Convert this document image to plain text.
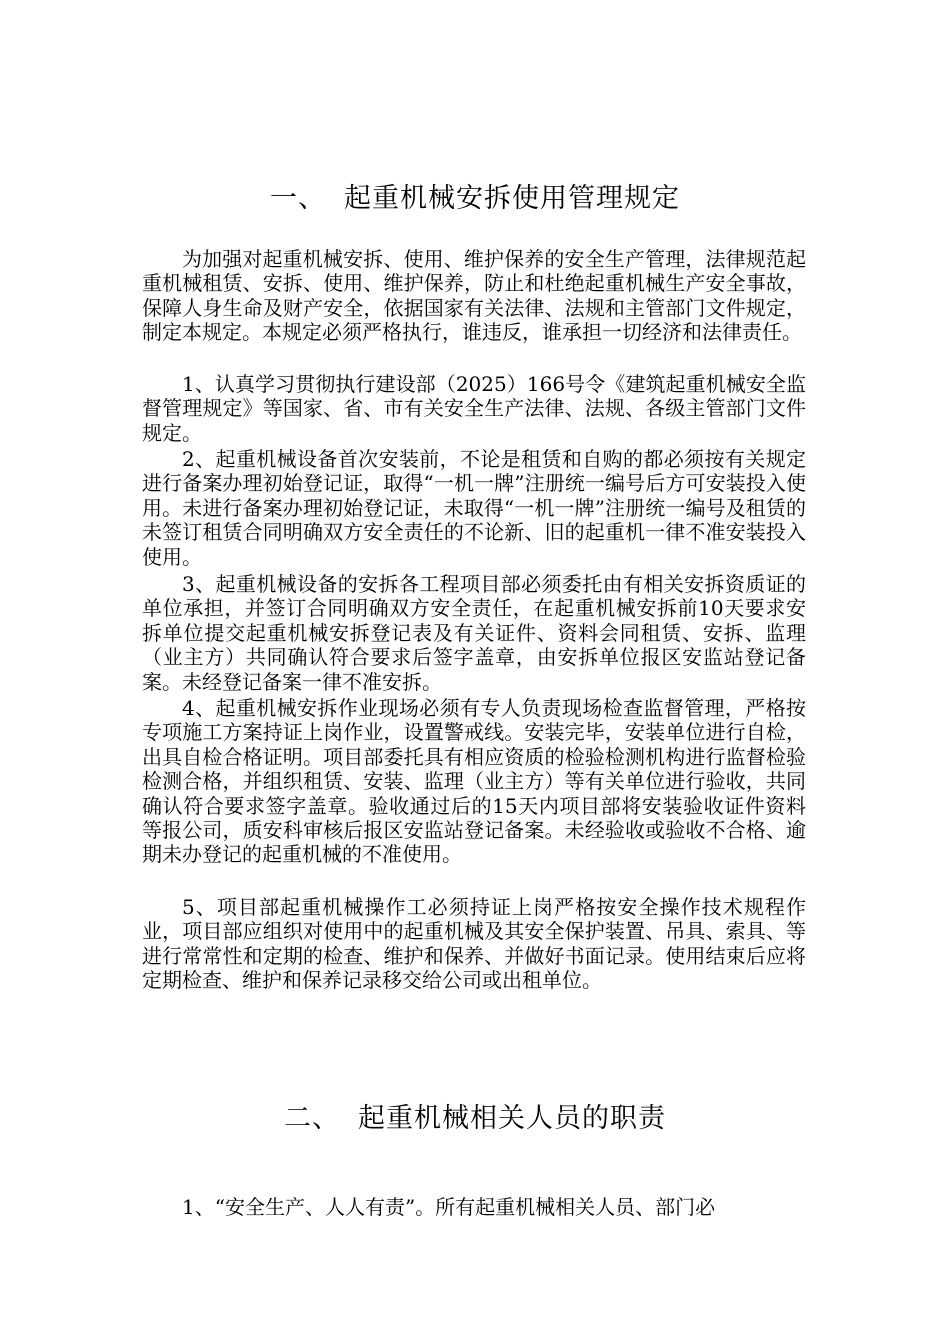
一、 起重机械安拆使用管理规定

为加强对起重机械安拆、使用、维护保养的安全生产管理，法律规范起重机械租赁、安拆、使用、维护保养，防止和杜绝起重机械生产安全事故，保障人身生命及财产安全，依据国家有关法律、法规和主管部门文件规定，制定本规定。本规定必须严格执行，谁违反，谁承担一切经济和法律责任。

1、认真学习贯彻执行建设部（2025）166号令《建筑起重机械安全监督管理规定》等国家、省、市有关安全生产法律、法规、各级主管部门文件规定。

2、起重机械设备首次安装前，不论是租赁和自购的都必须按有关规定进行备案办理初始登记证，取得“一机一牌”注册统一编号后方可安装投入使用。未进行备案办理初始登记证，未取得“一机一牌”注册统一编号及租赁的未签订租赁合同明确双方安全责任的不论新、旧的起重机一律不准安装投入使用。

3、起重机械设备的安拆各工程项目部必须委托由有相关安拆资质证的单位承担，并签订合同明确双方安全责任，在起重机械安拆前10天要求安拆单位提交起重机械安拆登记表及有关证件、资料会同租赁、安拆、监理（业主方）共同确认符合要求后签字盖章，由安拆单位报区安监站登记备案。未经登记备案一律不准安拆。

4、起重机械安拆作业现场必须有专人负责现场检查监督管理，严格按专项施工方案持证上岗作业，设置警戒线。安装完毕，安装单位进行自检，出具自检合格证明。项目部委托具有相应资质的检验检测机构进行监督检验检测合格，并组织租赁、安装、监理（业主方）等有关单位进行验收，共同确认符合要求签字盖章。验收通过后的15天内项目部将安装验收证件资料等报公司，质安科审核后报区安监站登记备案。未经验收或验收不合格、逾期未办登记的起重机械的不准使用。

5、项目部起重机械操作工必须持证上岗严格按安全操作技术规程作业，项目部应组织对使用中的起重机械及其安全保护装置、吊具、索具、等进行常常性和定期的检查、维护和保养、并做好书面记录。使用结束后应将定期检查、维护和保养记录移交给公司或出租单位。

二、 起重机械相关人员的职责

1、“安全生产、人人有责”。所有起重机械相关人员、部门必
